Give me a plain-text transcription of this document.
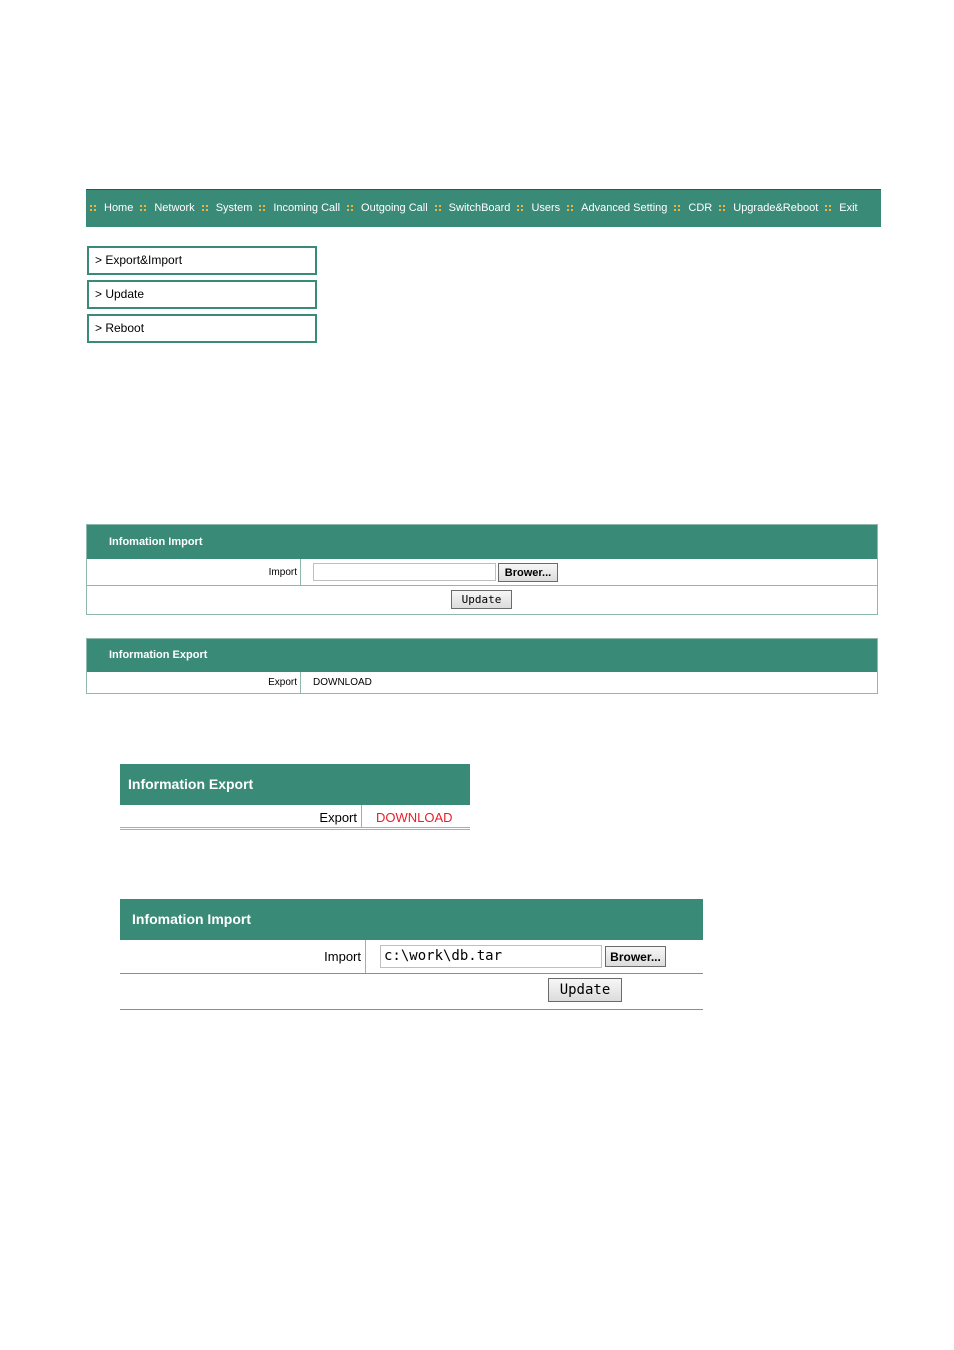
Home Network System Incoming Call Outgoing Call SwitchBoard Users Advanced Setting CDR Upgrade&Reboot Exit
> Export&Import
> Update
> Reboot
Infomation Import
Import	Brower...
Update
Information Export
Export	DOWNLOAD
Information Export
Export	DOWNLOAD
Infomation Import
Import	c:\work\db.tar	Brower...
Update
